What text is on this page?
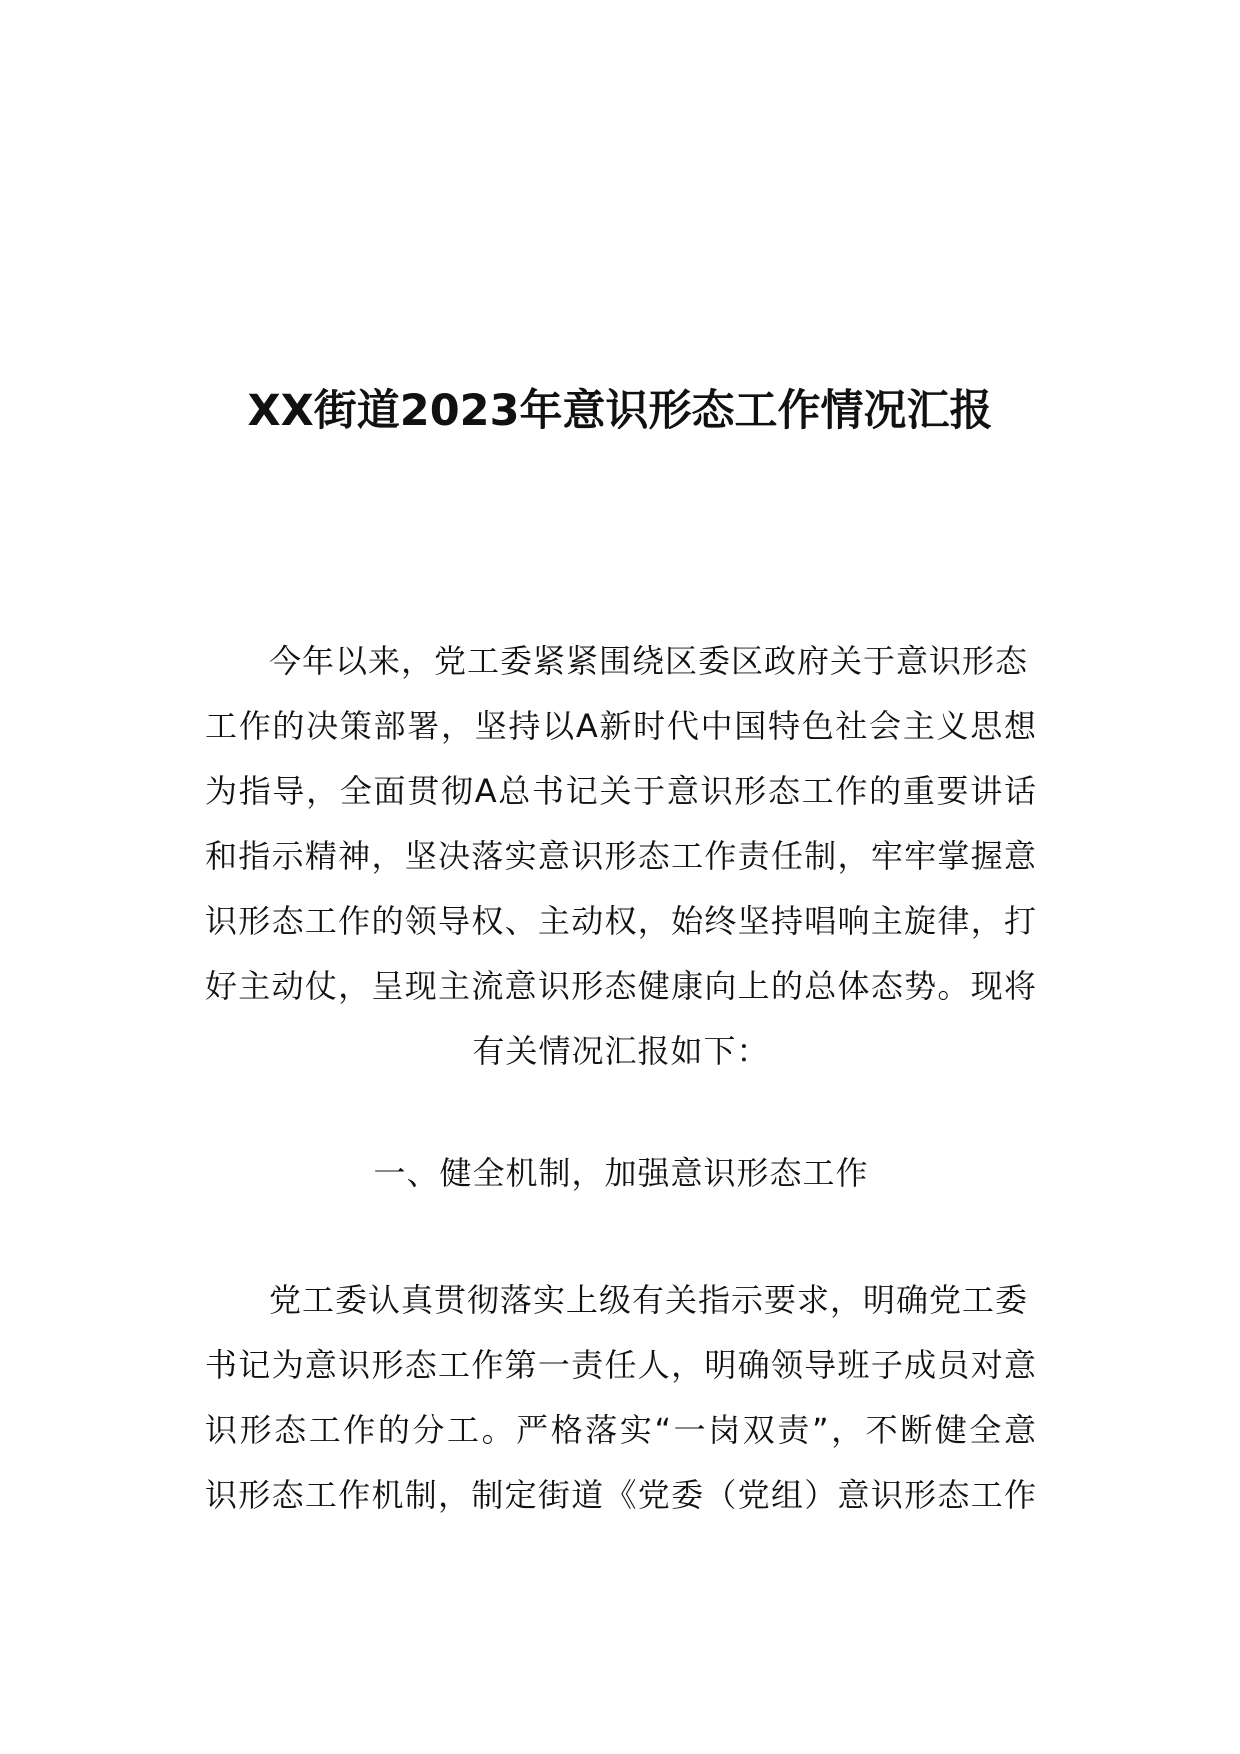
XX街道2023年意识形态工作情况汇报
今年以来，党工委紧紧围绕区委区政府关于意识形态
工作的决策部署，坚持以A新时代中国特色社会主义思想
为指导，全面贯彻A总书记关于意识形态工作的重要讲话
和指示精神，坚决落实意识形态工作责任制，牢牢掌握意
识形态工作的领导权、主动权，始终坚持唱响主旋律，打
好主动仗，呈现主流意识形态健康向上的总体态势。现将
有关情况汇报如下：
一、健全机制，加强意识形态工作
党工委认真贯彻落实上级有关指示要求，明确党工委
书记为意识形态工作第一责任人，明确领导班子成员对意
识形态工作的分工。严格落实“一岗双责”，不断健全意
识形态工作机制，制定街道《党委（党组）意识形态工作
